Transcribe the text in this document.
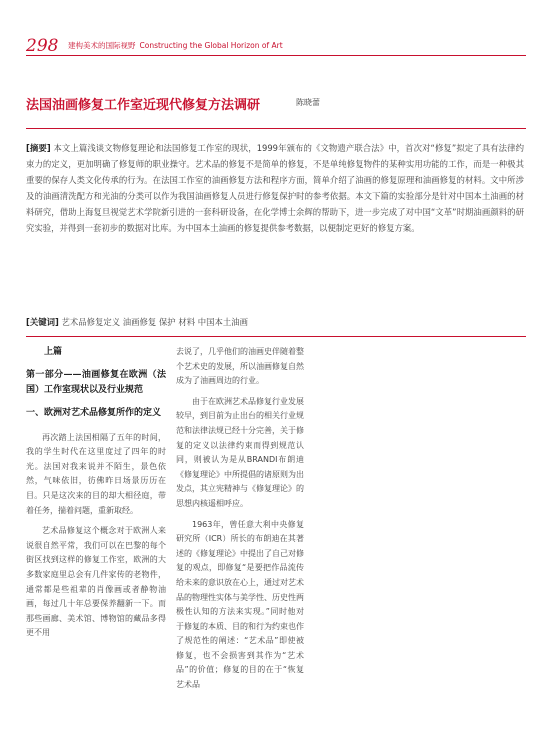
298 建构美术的国际视野 Constructing the Global Horizon of Art
法国油画修复工作室近现代修复方法调研	陈晓蕾
[摘要] 本文上篇浅谈文物修复理论和法国修复工作室的现状，1999年颁布的《文物遗产联合法》中，首次对“修复”拟定了具有法律约束力的定义，更加明确了修复师的职业操守。艺术品的修复不是简单的修复，不是单纯修复物件的某种实用功能的工作，而是一种极其重要的保存人类文化传承的行为。在法国工作室的油画修复方法和程序方面，简单介绍了油画的修复原理和油画修复的材料。文中所涉及的油画清洗配方和光油的分类可以作为我国油画修复人员进行修复保护时的参考依据。本文下篇的实验部分是针对中国本土油画的材料研究，借助上海复旦视觉艺术学院新引进的一套科研设备，在化学博士余辉的帮助下，进一步完成了对中国“文革”时期油画颜料的研究实验，并得到一套初步的数据对比库。为中国本土油画的修复提供参考数据，以便制定更好的修复方案。
[关键词] 艺术品修复定义 油画修复 保护 材料 中国本土油画
上篇
第一部分——油画修复在欧洲（法国）工作室现状以及行业规范
一、欧洲对艺术品修复所作的定义

再次踏上法国相隔了五年的时间，我的学生时代在这里度过了四年的时光。法国对我来说并不陌生，景色依然，气味依旧，彷佛昨日场景历历在目。只是这次来的目的却大相径庭，带着任务，揣着问题，重新取经。

艺术品修复这个概念对于欧洲人来说很自然平常，我们可以在巴黎的每个街区找到这样的修复工作室，欧洲的大多数家庭里总会有几件家传的老物件，通常都是些祖辈的肖像画或者静物油画，每过几十年总要保养翻新一下。而那些画廊、美术馆、博物馆的藏品多得更不用

去说了，几乎他们的油画史伴随着整个艺术史的发展，所以油画修复自然成为了油画周边的行业。

由于在欧洲艺术品修复行业发展较早，到目前为止出台的相关行业规范和法律法规已经十分完善，关于修复的定义以法律约束而得到规范认同，则被认为是从BRANDI布朗迪《修复理论》中所提倡的诸原则为出发点，其立宪精神与《修复理论》的思想内核遥相呼应。

1963年，曾任意大利中央修复研究所（ICR）所长的布朗迪在其著述的《修复理论》中提出了自己对修复的观点，即修复“是要把作品流传给未来的意识放在心上，通过对艺术品的物理性实体与美学性、历史性两极性认知的方法来实现。”同时他对于修复的本质、目的和行为约束也作了规范性的阐述：“艺术品”即使被修复，也不会损害到其作为“艺术品”的价值；修复的目的在于“恢复艺术品
